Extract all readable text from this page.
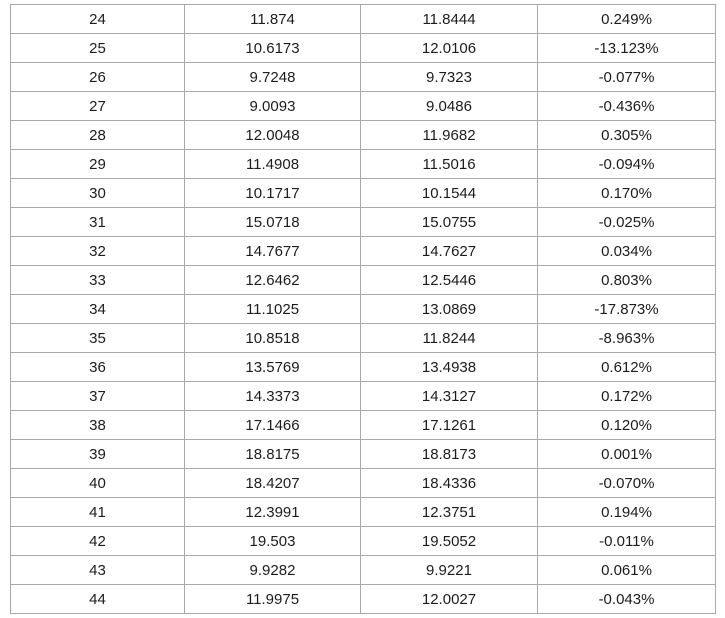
24	11.874	11.8444	0.249%
25	10.6173	12.0106	-13.123%
26	9.7248	9.7323	-0.077%
27	9.0093	9.0486	-0.436%
28	12.0048	11.9682	0.305%
29	11.4908	11.5016	-0.094%
30	10.1717	10.1544	0.170%
31	15.0718	15.0755	-0.025%
32	14.7677	14.7627	0.034%
33	12.6462	12.5446	0.803%
34	11.1025	13.0869	-17.873%
35	10.8518	11.8244	-8.963%
36	13.5769	13.4938	0.612%
37	14.3373	14.3127	0.172%
38	17.1466	17.1261	0.120%
39	18.8175	18.8173	0.001%
40	18.4207	18.4336	-0.070%
41	12.3991	12.3751	0.194%
42	19.503	19.5052	-0.011%
43	9.9282	9.9221	0.061%
44	11.9975	12.0027	-0.043%
